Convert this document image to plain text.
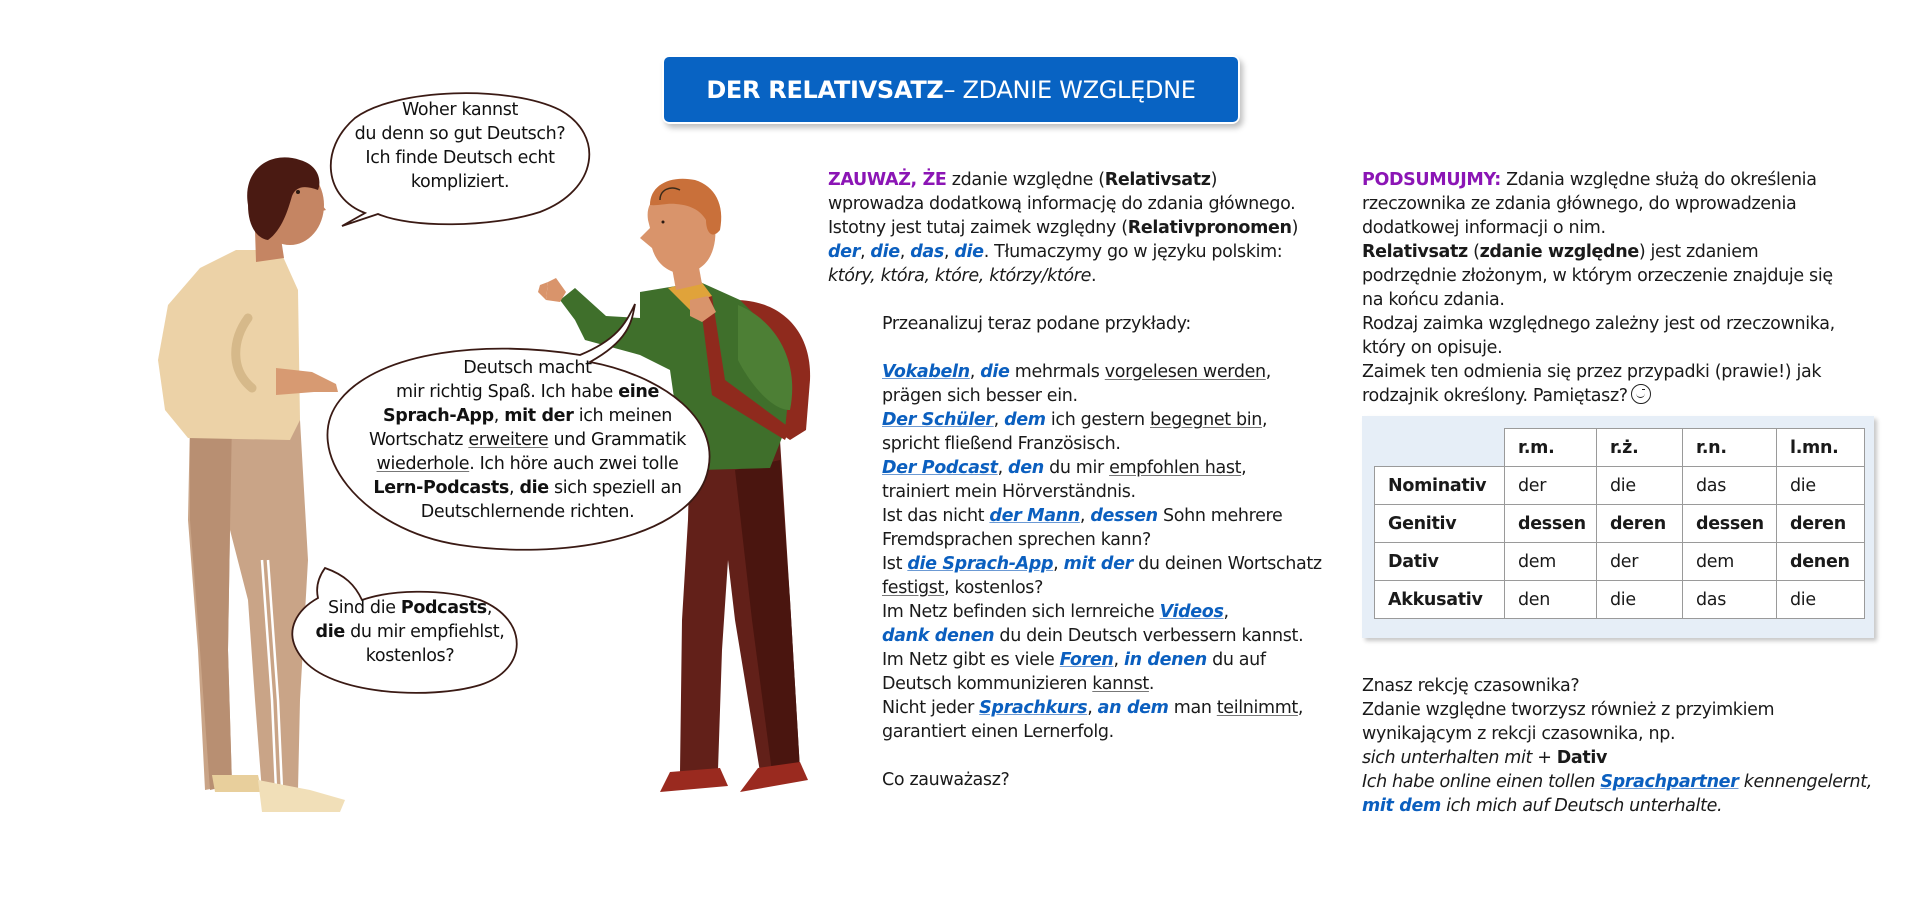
Woher kannst
du denn so gut Deutsch?
Ich finde Deutsch echt
kompliziert.
Deutsch macht
mir richtig Spaß. Ich habe eine
Sprach-App, mit der ich meinen
Wortschatz erweitere und Grammatik
wiederhole. Ich höre auch zwei tolle
Lern-Podcasts, die sich speziell an
Deutschlernende richten.
Sind die Podcasts,
die du mir empfiehlst,
kostenlos?
DER RELATIVSATZ – ZDANIE WZGLĘDNE

ZAUWAŻ, ŻE zdanie względne (Relativsatz)

wprowadza dodatkową informację do zdania głównego.

Istotny jest tutaj zaimek względny (Relativpronomen)

der, die, das, die. Tłumaczymy go w języku polskim:

który, która, które, którzy/które.

Przeanalizuj teraz podane przykłady:

Vokabeln, die mehrmals vorgelesen werden,

prägen sich besser ein.

Der Schüler, dem ich gestern begegnet bin,

spricht fließend Französisch.

Der Podcast, den du mir empfohlen hast,

trainiert mein Hörverständnis.

Ist das nicht der Mann, dessen Sohn mehrere

Fremdsprachen sprechen kann?

Ist die Sprach-App, mit der du deinen Wortschatz

festigst, kostenlos?

Im Netz befinden sich lernreiche Videos,

dank denen du dein Deutsch verbessern kannst.

Im Netz gibt es viele Foren, in denen du auf

Deutsch kommunizieren kannst.

Nicht jeder Sprachkurs, an dem man teilnimmt,

garantiert einen Lernerfolg.

Co zauważasz?

PODSUMUJMY: Zdania względne służą do określenia

rzeczownika ze zdania głównego, do wprowadzenia

dodatkowej informacji o nim.

Relativsatz (zdanie względne) jest zdaniem

podrzędnie złożonym, w którym orzeczenie znajduje się

na końcu zdania.

Rodzaj zaimka względnego zależny jest od rzeczownika,

który on opisuje.

Zaimek ten odmienia się przez przypadki (prawie!) jak

rodzajnik określony. Pamiętasz?

	r.m.	r.ż.	r.n.	l.mn.
Nominativ	der	die	das	die
Genitiv	dessen	deren	dessen	deren
Dativ	dem	der	dem	denen
Akkusativ	den	die	das	die

Znasz rekcję czasownika?

Zdanie względne tworzysz również z przyimkiem

wynikającym z rekcji czasownika, np.

sich unterhalten mit + Dativ

Ich habe online einen tollen Sprachpartner kennengelernt,

mit dem ich mich auf Deutsch unterhalte.
